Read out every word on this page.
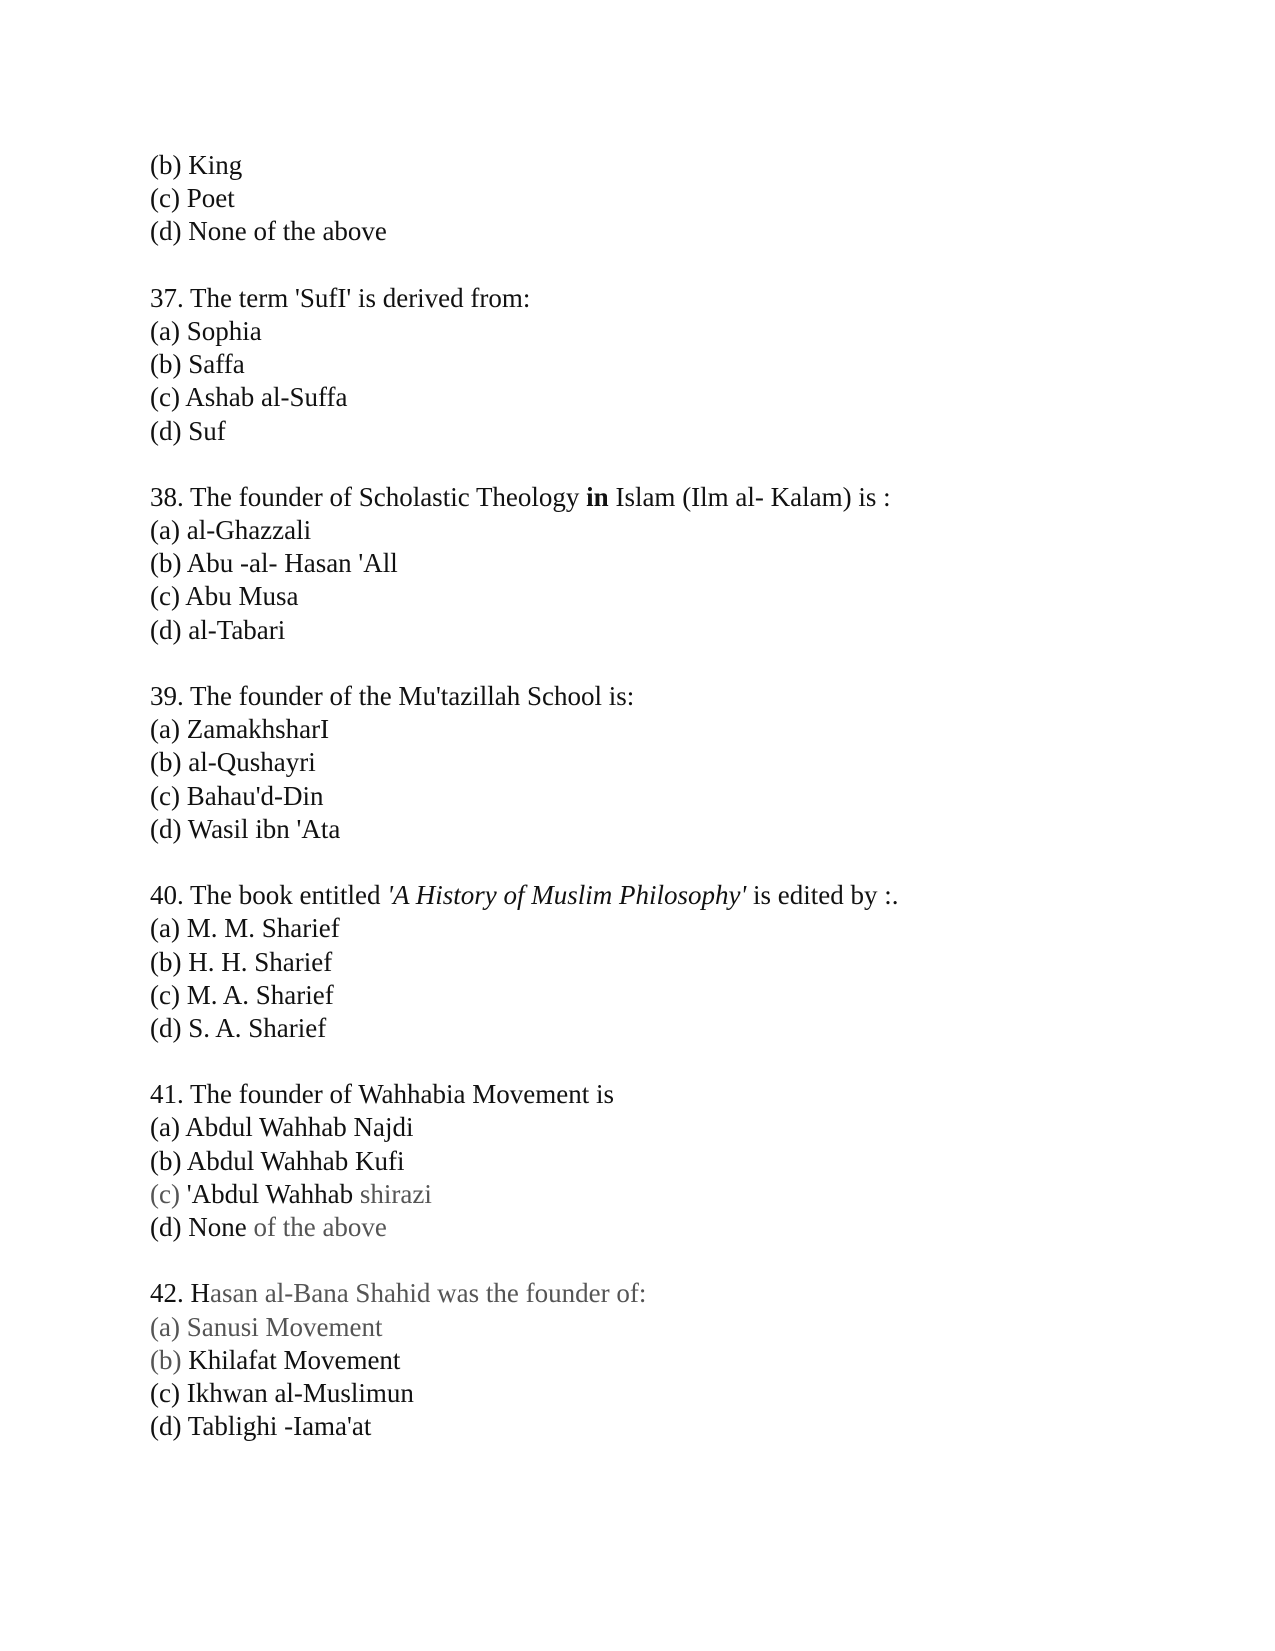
(b) King
(c) Poet
(d) None of the above
37. The term 'SufI' is derived from:
(a) Sophia
(b) Saffa
(c) Ashab al-Suffa
(d) Suf
38. The founder of Scholastic Theology in Islam (Ilm al- Kalam) is :
(a) al-Ghazzali
(b) Abu -al- Hasan 'All
(c) Abu Musa
(d) al-Tabari
39. The founder of the Mu'tazillah School is:
(a) ZamakhsharI
(b) al-Qushayri
(c) Bahau'd-Din
(d) Wasil ibn 'Ata
40. The book entitled 'A History of Muslim Philosophy' is edited by :.
(a) M. M. Sharief
(b) H. H. Sharief
(c) M. A. Sharief
(d) S. A. Sharief
41. The founder of Wahhabia Movement is
(a) Abdul Wahhab Najdi
(b) Abdul Wahhab Kufi
(c) 'Abdul Wahhab shirazi
(d) None of the above
42. Hasan al-Bana Shahid was the founder of:
(a) Sanusi Movement
(b) Khilafat Movement
(c) Ikhwan al-Muslimun
(d) Tablighi -Iama'at
